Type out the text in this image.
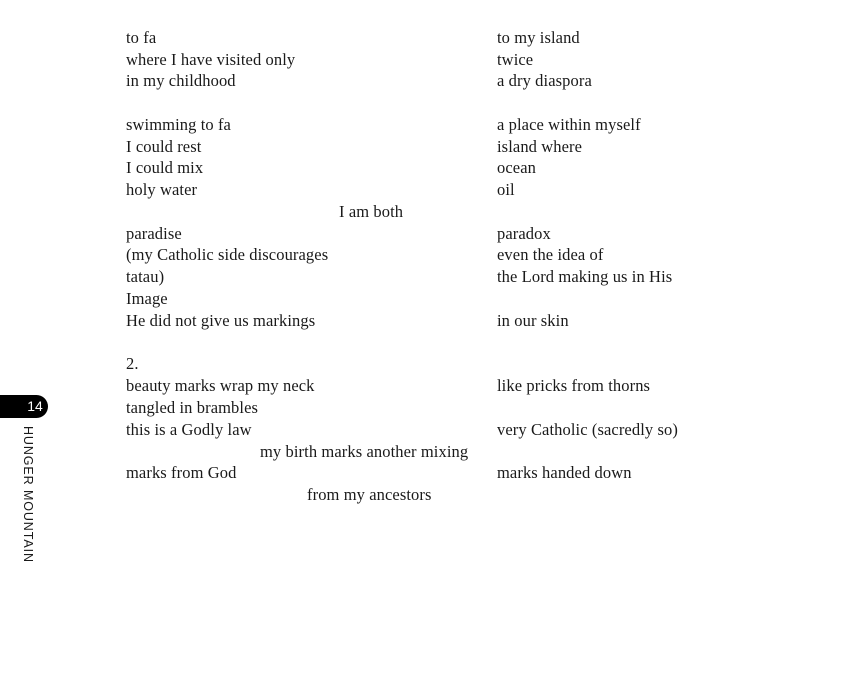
to fa
where I have visited only
in my childhood
to my island
twice
a dry diaspora
swimming to fa
I could rest
I could mix
holy water
a place within myself
island where
ocean
oil
I am both
paradise
(my Catholic side discourages
tatau)
Image
He did not give us markings
paradox
even the idea of
the Lord making us in His
in our skin
2.
beauty marks wrap my neck
tangled in brambles
this is a Godly law
like pricks from thorns
very Catholic (sacredly so)
my birth marks another mixing
marks from God	marks handed down
from my ancestors
14
HUNGER MOUNTAIN
